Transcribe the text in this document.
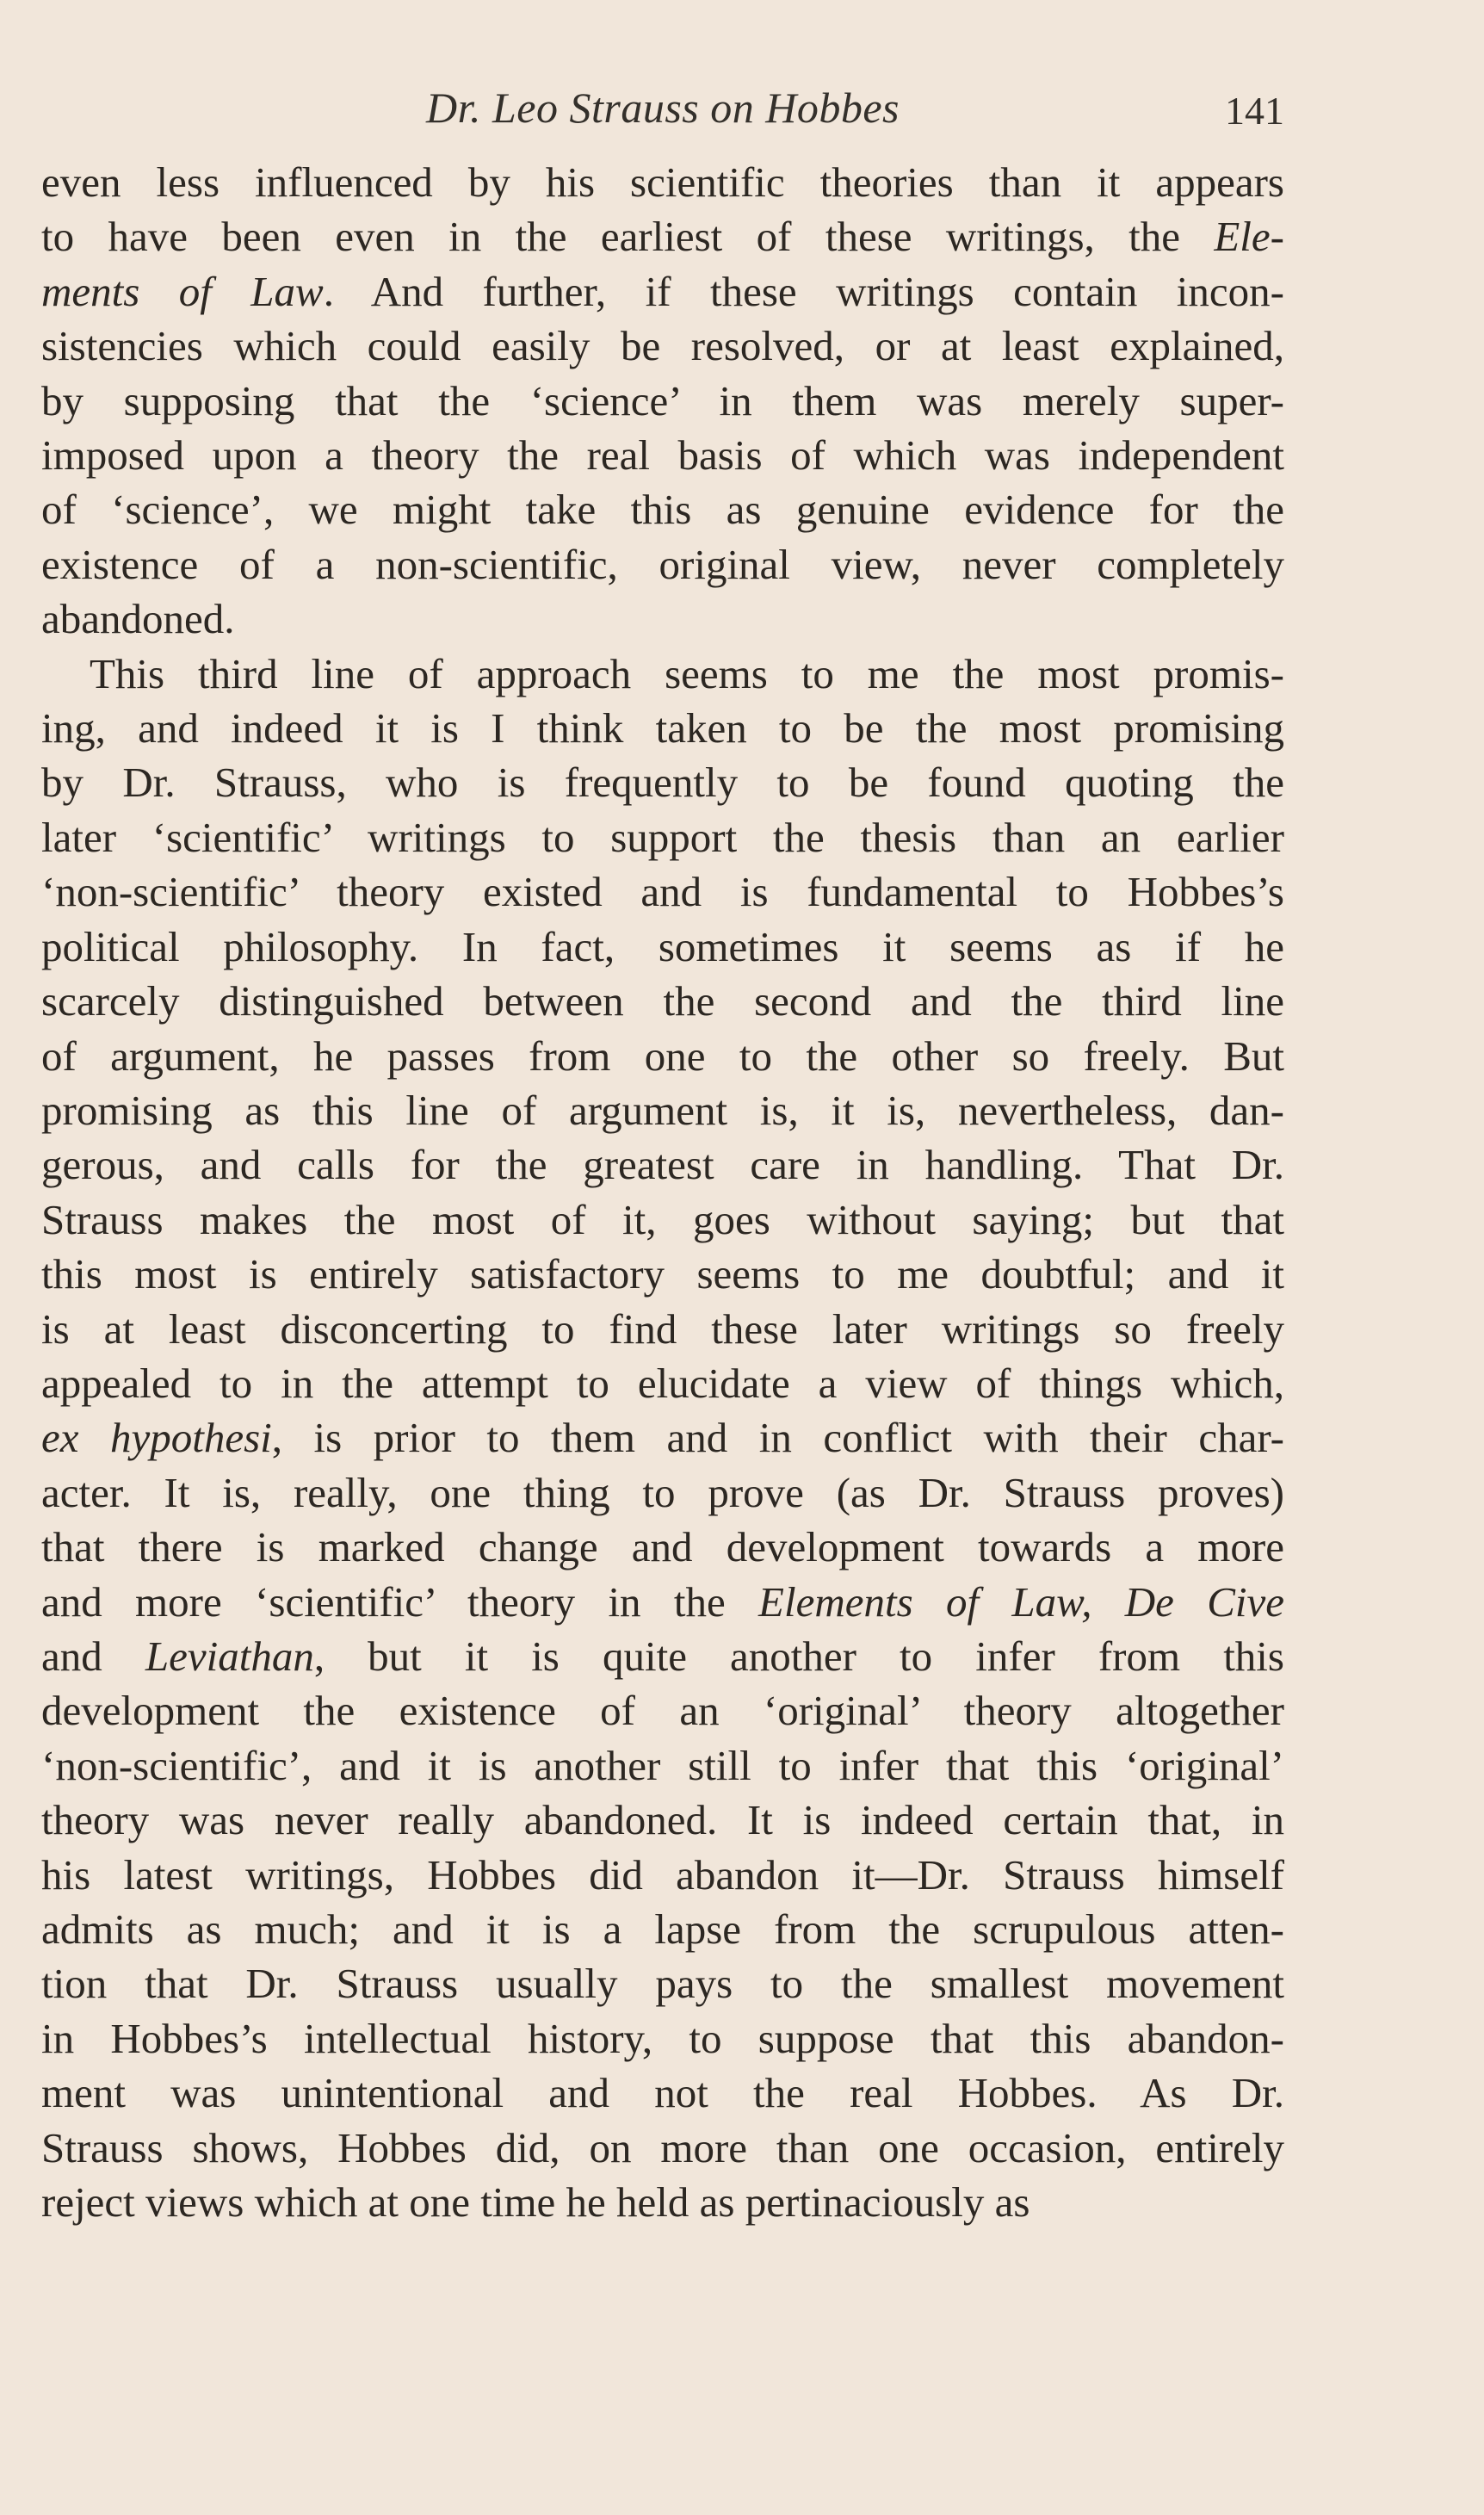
Dr. Leo Strauss on Hobbes	141
even less influenced by his scientific theories than it appears
to have been even in the earliest of these writings, the Ele-
ments of Law. And further, if these writings contain incon-
sistencies which could easily be resolved, or at least explained,
by supposing that the ‘science’ in them was merely super-
imposed upon a theory the real basis of which was independent
of ‘science’, we might take this as genuine evidence for the
existence of a non-scientific, original view, never completely
abandoned.
This third line of approach seems to me the most promis-
ing, and indeed it is I think taken to be the most promising
by Dr. Strauss, who is frequently to be found quoting the
later ‘scientific’ writings to support the thesis than an earlier
‘non-scientific’ theory existed and is fundamental to Hobbes’s
political philosophy. In fact, sometimes it seems as if he
scarcely distinguished between the second and the third line
of argument, he passes from one to the other so freely. But
promising as this line of argument is, it is, nevertheless, dan-
gerous, and calls for the greatest care in handling. That Dr.
Strauss makes the most of it, goes without saying; but that
this most is entirely satisfactory seems to me doubtful; and it
is at least disconcerting to find these later writings so freely
appealed to in the attempt to elucidate a view of things which,
ex hypothesi, is prior to them and in conflict with their char-
acter. It is, really, one thing to prove (as Dr. Strauss proves)
that there is marked change and development towards a more
and more ‘scientific’ theory in the Elements of Law, De Cive
and Leviathan, but it is quite another to infer from this
development the existence of an ‘original’ theory altogether
‘non-scientific’, and it is another still to infer that this ‘original’
theory was never really abandoned. It is indeed certain that, in
his latest writings, Hobbes did abandon it—Dr. Strauss himself
admits as much; and it is a lapse from the scrupulous atten-
tion that Dr. Strauss usually pays to the smallest movement
in Hobbes’s intellectual history, to suppose that this abandon-
ment was unintentional and not the real Hobbes. As Dr.
Strauss shows, Hobbes did, on more than one occasion, entirely
reject views which at one time he held as pertinaciously as
